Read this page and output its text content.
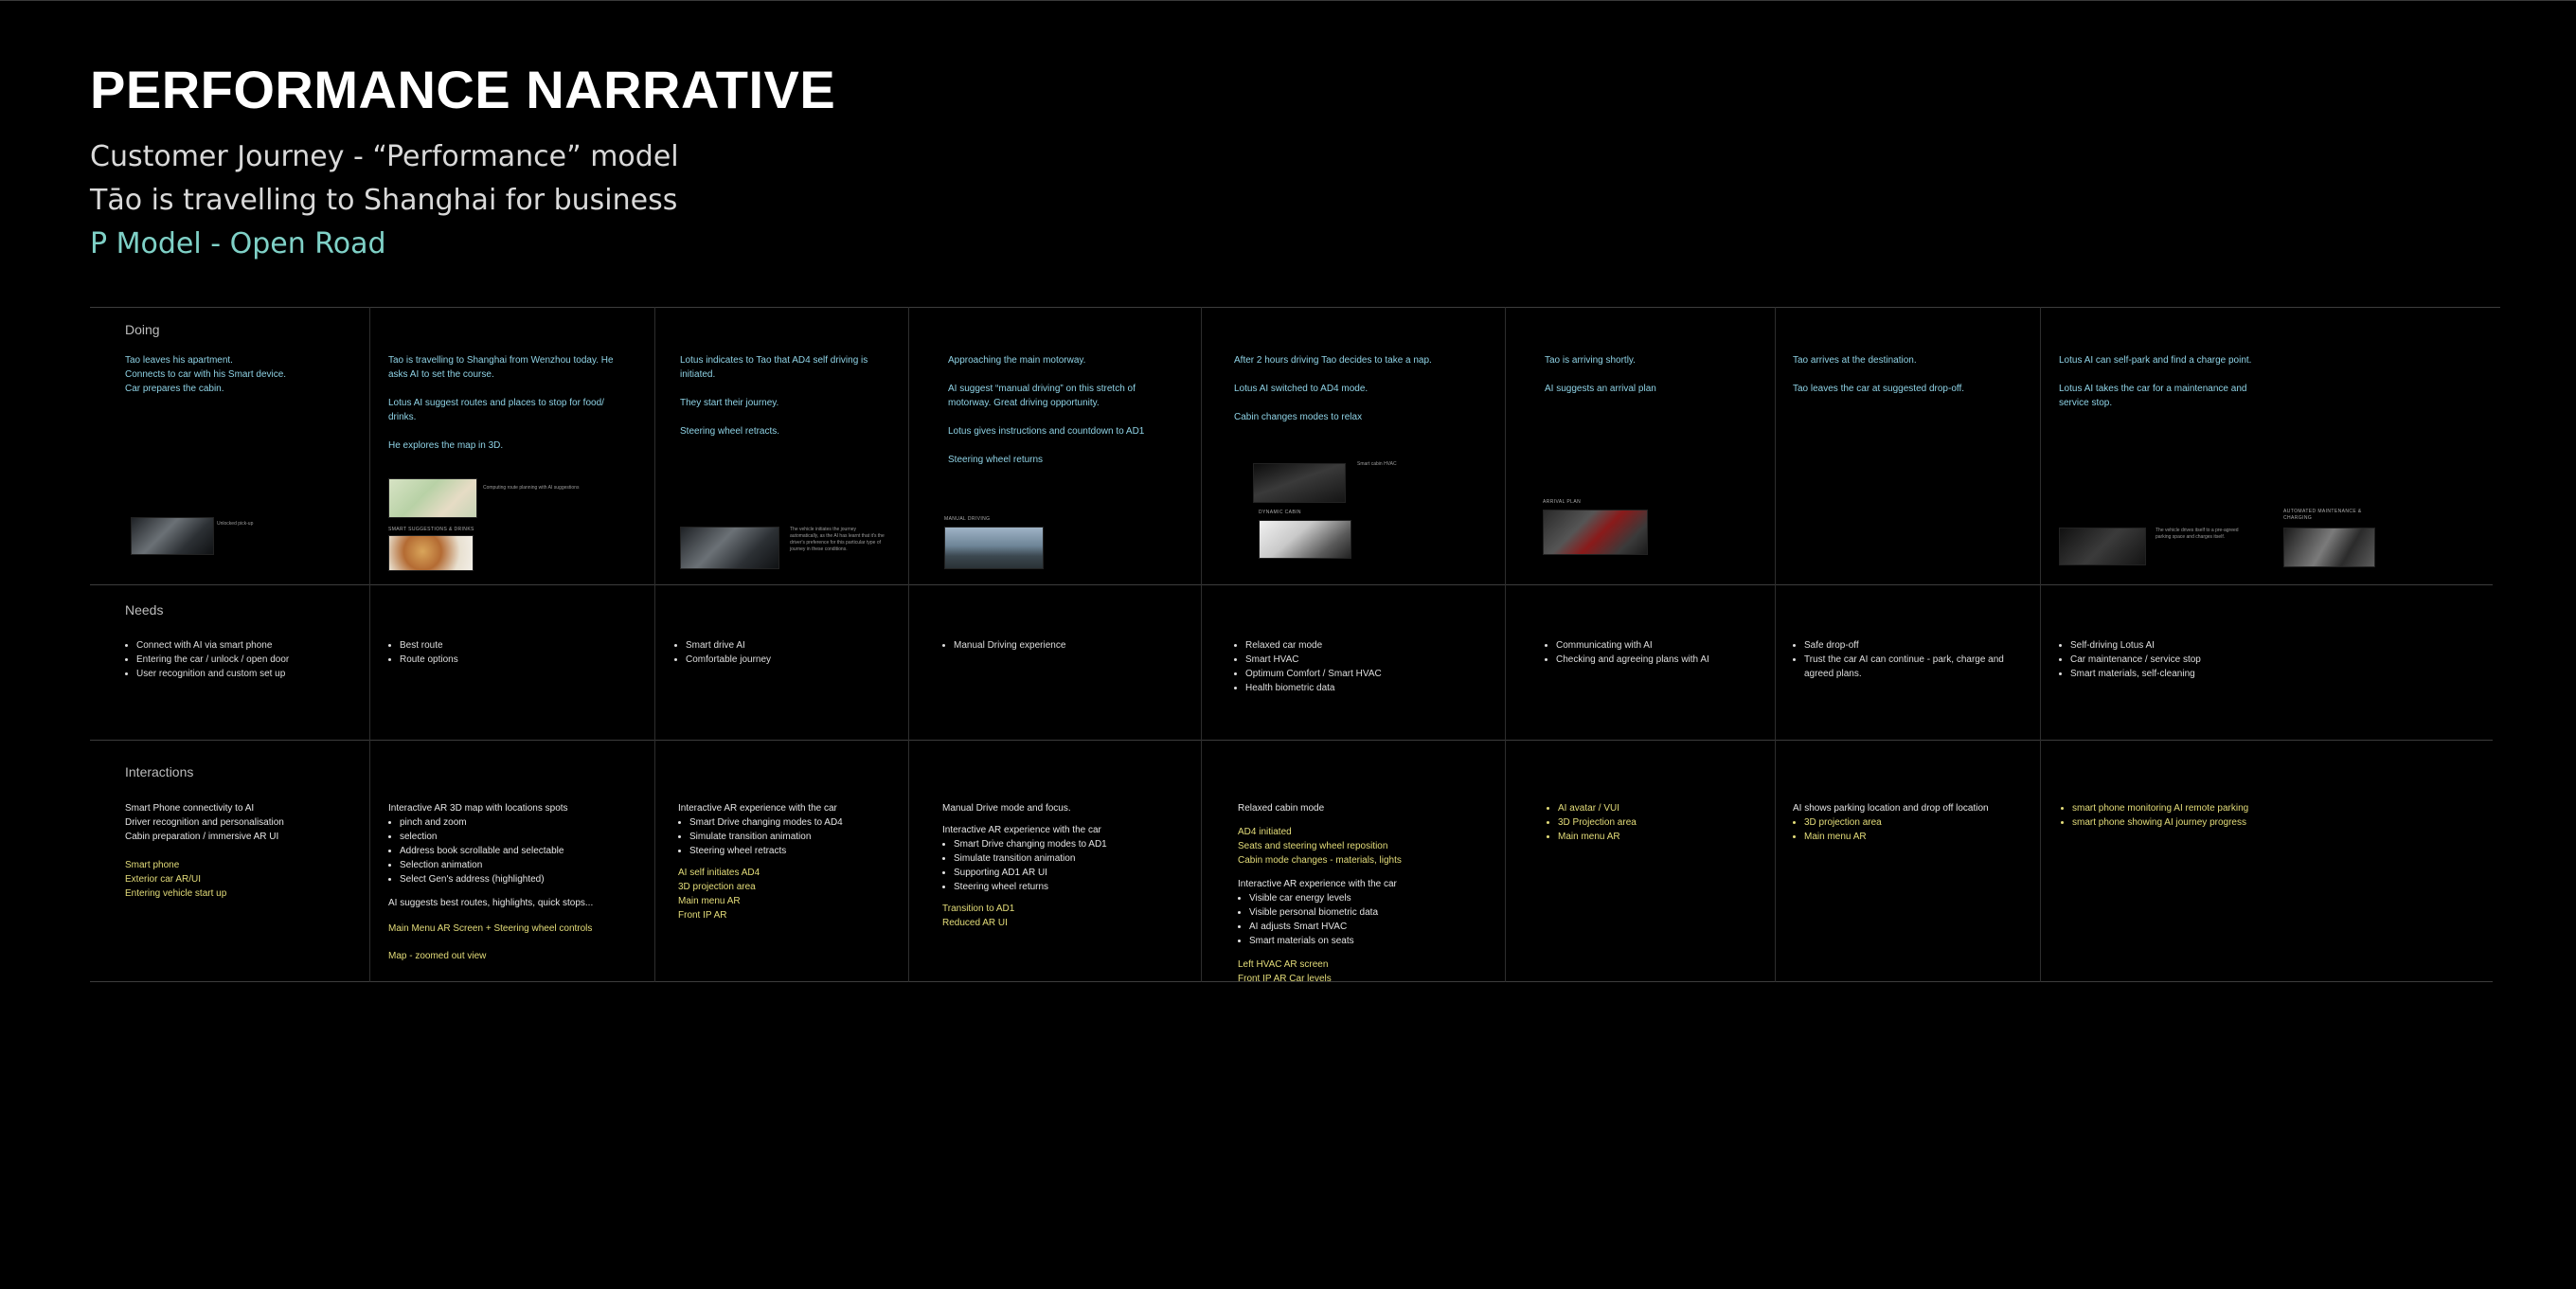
PERFORMANCE NARRATIVE
Customer Journey - “Performance” model
Tāo is travelling to Shanghai for business
P Model - Open Road
Doing
Needs
Interactions
Tao leaves his apartment.
Connects to car with his Smart device.
Car prepares the cabin.

Tao is travelling to Shanghai from Wenzhou today. He asks AI to set the course.

Lotus AI suggest routes and places to stop for food/ drinks.

He explores the map in 3D.

Lotus indicates to Tao that AD4 self driving is initiated.

They start their journey.

Steering wheel retracts.

Approaching the main motorway.

AI suggest “manual driving” on this stretch of motorway. Great driving opportunity.

Lotus gives instructions and countdown to AD1

Steering wheel returns

After 2 hours driving Tao decides to take a nap.

Lotus AI switched to AD4 mode.

Cabin changes modes to relax

Tao is arriving shortly.

AI suggests an arrival plan

Tao arrives at the destination.

Tao leaves the car at suggested drop-off.

Lotus AI can self-park and find a charge point.

Lotus AI takes the car for a maintenance and service stop.

Unlocked pick-up
Computing route planning with AI suggestions
SMART SUGGESTIONS & DRINKS	The vehicle initiates the journey automatically, as the AI has learnt that it's the driver's preference for this particular type of journey in these conditions.
MANUAL DRIVING
Smart cabin HVAC
DYNAMIC CABIN
ARRIVAL PLAN
The vehicle drives itself to a pre-agreed parking space and charges itself.
AUTOMATED MAINTENANCE & CHARGING
• Connect with AI via smart phone
• Entering the car / unlock / open door
• User recognition and custom set up
• Best route
• Route options
• Smart drive AI
• Comfortable journey
• Manual Driving experience
•	Relaxed car mode
• Smart HVAC
• Optimum Comfort / Smart HVAC
• Health biometric data
• Communicating with AI
• Checking and agreeing plans with AI
• Safe drop-off
• Trust the car AI can continue - park, charge and agreed plans.
• Self-driving Lotus AI
• Car maintenance / service stop
• Smart materials, self-cleaning
Smart Phone connectivity to AI
Driver recognition and personalisation
Cabin preparation / immersive AR UI
Smart phone
Exterior car AR/UI
Entering vehicle start up
Interactive AR 3D map with locations spots
• pinch and zoom
• selection
• Address book scrollable and selectable
• Selection animation
• Select Gen's address (highlighted)
AI suggests best routes, highlights, quick stops...
Main Menu AR Screen + Steering wheel controls
Map - zoomed out view
Interactive AR experience with the car
• Smart Drive changing modes to AD4
• Simulate transition animation
• Steering wheel retracts
AI self initiates AD4
3D projection area
Main menu AR
Front IP AR
Manual Drive mode and focus.
Interactive AR experience with the car
• Smart Drive changing modes to AD1
• Simulate transition animation
• Supporting AD1 AR UI
• Steering wheel returns
Transition to AD1
Reduced AR UI
Relaxed cabin mode
AD4 initiated
Seats and steering wheel reposition
Cabin mode changes - materials, lights
Interactive AR experience with the car
• Visible car energy levels
• Visible personal biometric data
• AI adjusts Smart HVAC
• Smart materials on seats
Left HVAC AR screen
Front IP AR Car levels
• AI avatar / VUI
• 3D Projection area
• Main menu AR
AI shows parking location and drop off location
• 3D projection area
• Main menu AR
• smart phone monitoring AI remote parking
• smart phone showing AI journey progress
